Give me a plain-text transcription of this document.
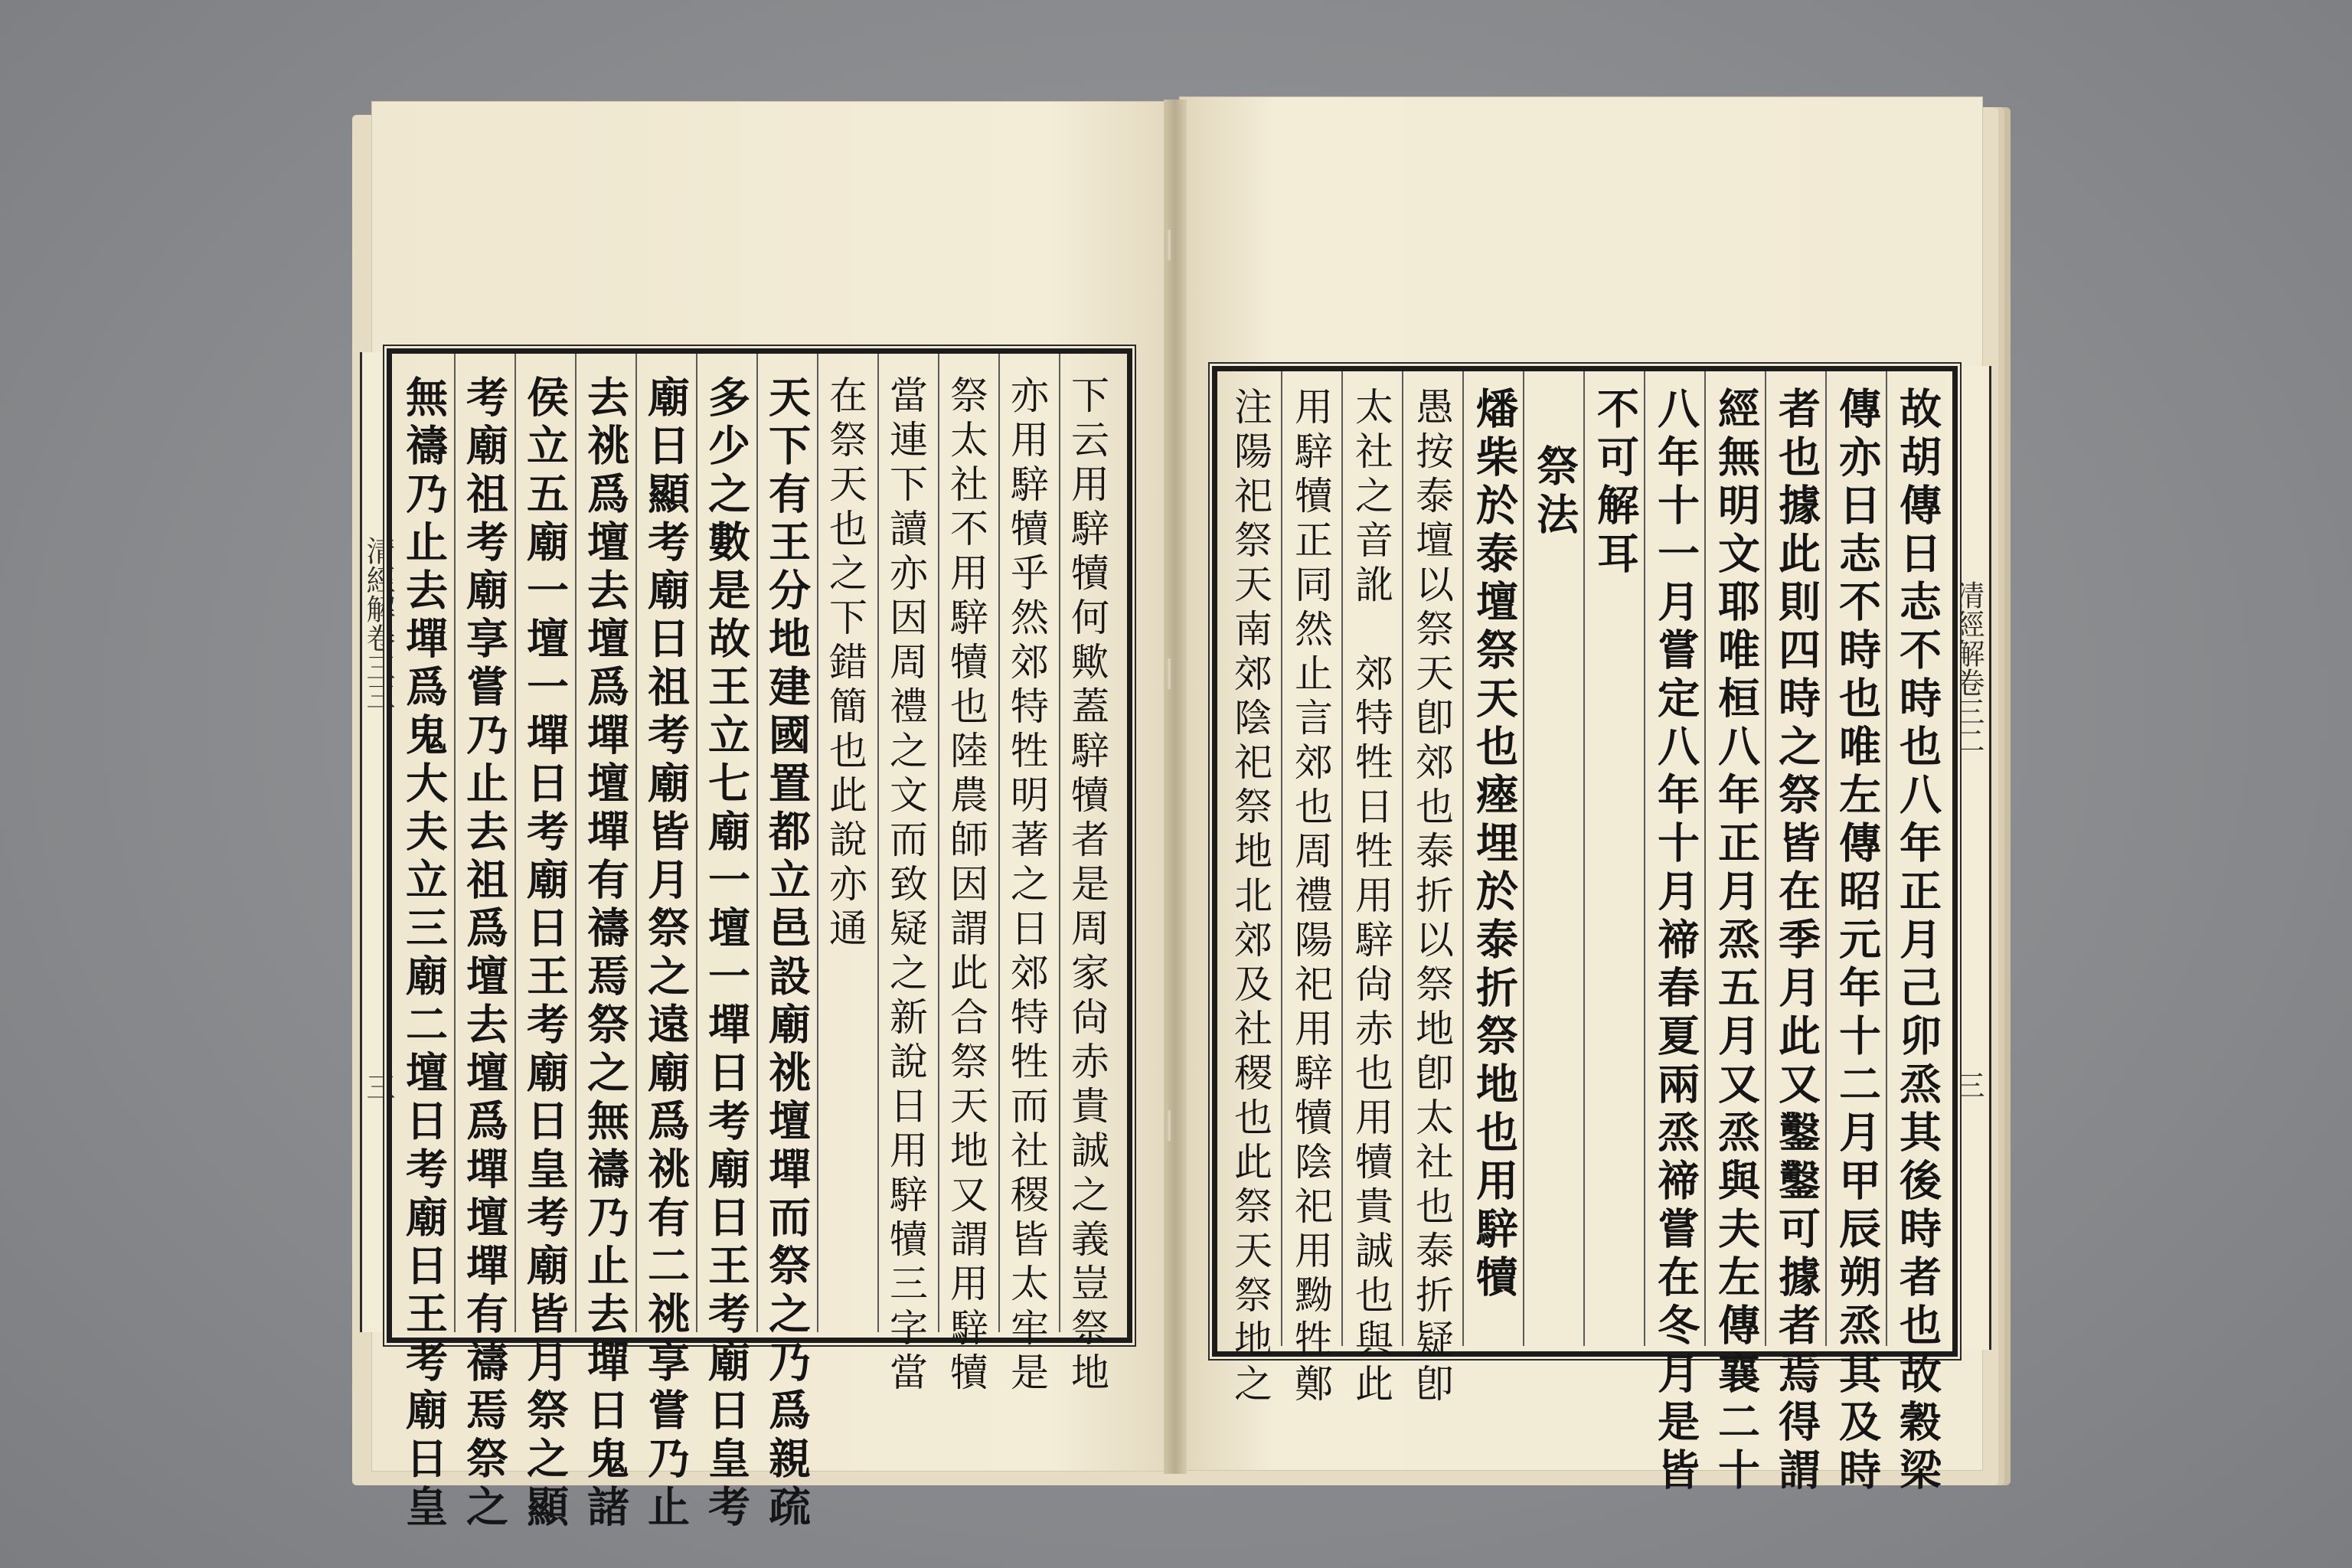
清經解卷三三
三	下云用騂犢何歟蓋騂犢者是周家尙赤貴誠之義豈祭地
亦用騂犢乎然郊特牲明著之日郊特牲而社稷皆太牢是
祭太社不用騂犢也陸農師因謂此合祭天地又謂用騂犢
當連下讀亦因周禮之文而致疑之新說日用騂犢三字當
在祭天也之下錯簡也此說亦通
天下有王分地建國置都立邑設廟祧壇墠而祭之乃爲親疏
多少之數是故王立七廟一壇一墠日考廟日王考廟日皇考
廟日顯考廟日祖考廟皆月祭之遠廟爲祧有二祧享嘗乃止
去祧爲壇去壇爲墠壇墠有禱焉祭之無禱乃止去墠日鬼諸
侯立五廟一壇一墠日考廟日王考廟日皇考廟皆月祭之顯
考廟祖考廟享嘗乃止去祖爲壇去壇爲墠壇墠有禱焉祭之
無禱乃止去墠爲鬼大夫立三廟二壇日考廟日王考廟日皇	清經解卷三二
三
故胡傳日志不時也八年正月己卯烝其後時者也故穀梁
傳亦日志不時也唯左傳昭元年十二月甲辰朔烝其及時
者也據此則四時之祭皆在季月此又鑿鑿可據者焉得謂
經無明文耶唯桓八年正月烝五月又烝與夫左傳襄二十
八年十一月嘗定八年十月禘春夏兩烝禘嘗在冬月是皆
不可解耳
祭法
燔柴於泰壇祭天也瘞埋於泰折祭地也用騂犢
愚按泰壇以祭天卽郊也泰折以祭地卽太社也泰折疑卽
太社之音訛　郊特牲日牲用騂尙赤也用犢貴誠也與此
用騂犢正同然止言郊也周禮陽祀用騂犢陰祀用黝牲鄭
注陽祀祭天南郊陰祀祭地北郊及社稷也此祭天祭地之
